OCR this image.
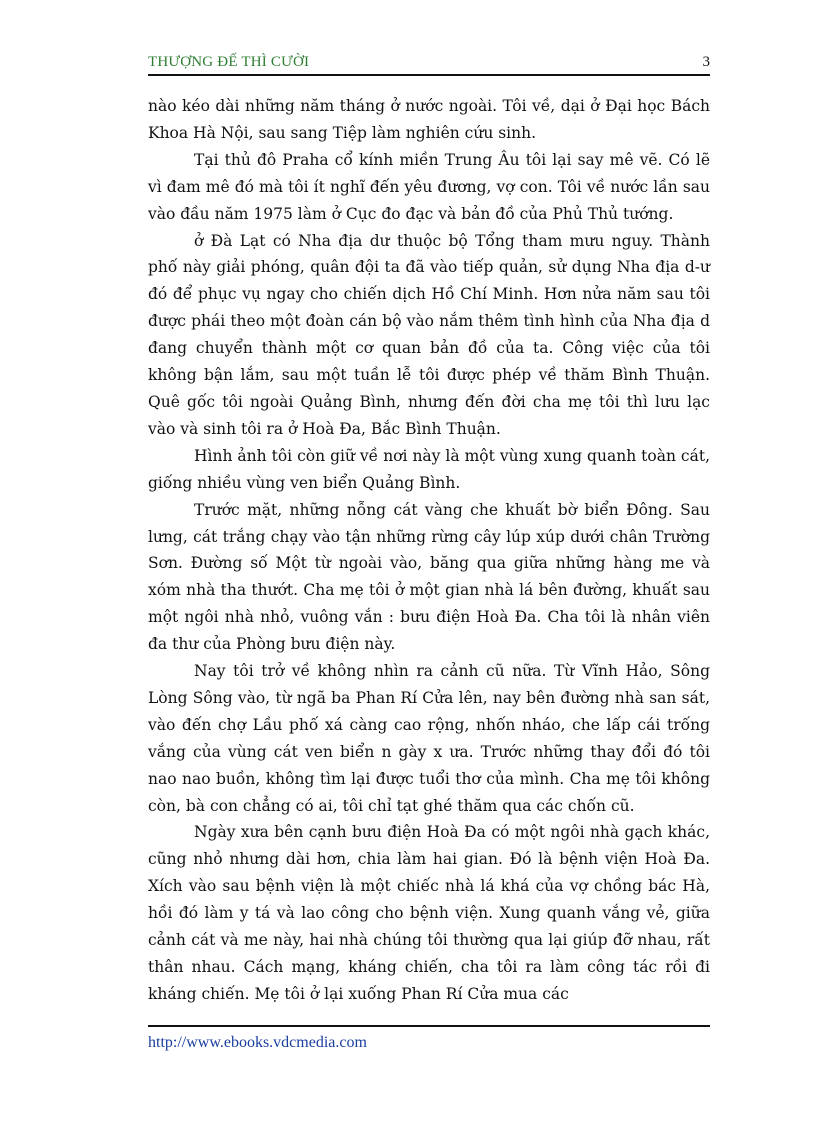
THƯỢNG ĐẾ THÌ CƯỜI	3

nào kéo dài những năm tháng ở nước ngoài. Tôi về, dại ở Đại học Bách Khoa Hà Nội, sau sang Tiệp làm nghiên cứu sinh.

Tại thủ đô Praha cổ kính miền Trung Âu tôi lại say mê vẽ. Có lẽ vì đam mê đó mà tôi ít nghĩ đến yêu đương, vợ con. Tôi về nước lần sau vào đầu năm 1975 làm ở Cục đo đạc và bản đồ của Phủ Thủ tướng.

ở Đà Lạt có Nha địa dư thuộc bộ Tổng tham mưu nguy. Thành phố này giải phóng, quân đội ta đã vào tiếp quản, sử dụng Nha địa d-ư đó để phục vụ ngay cho chiến dịch Hồ Chí Minh. Hơn nửa năm sau tôi được phái theo một đoàn cán bộ vào nắm thêm tình hình của Nha địa d đang chuyển thành một cơ quan bản đồ của ta. Công việc của tôi không bận lắm, sau một tuần lễ tôi được phép về thăm Bình Thuận. Quê gốc tôi ngoài Quảng Bình, nhưng đến đời cha mẹ tôi thì lưu lạc vào và sinh tôi ra ở Hoà Đa, Bắc Bình Thuận.

Hình ảnh tôi còn giữ về nơi này là một vùng xung quanh toàn cát, giống nhiều vùng ven biển Quảng Bình.

Trước mặt, những nỗng cát vàng che khuất bờ biển Đông. Sau lưng, cát trắng chạy vào tận những rừng cây lúp xúp dưới chân Trường Sơn. Đường số Một từ ngoài vào, băng qua giữa những hàng me và xóm nhà tha thướt. Cha mẹ tôi ở một gian nhà lá bên đường, khuất sau một ngôi nhà nhỏ, vuông vắn : bưu điện Hoà Đa. Cha tôi là nhân viên đa thư của Phòng bưu điện này.

Nay tôi trở về không nhìn ra cảnh cũ nữa. Từ Vĩnh Hảo, Sông Lòng Sông vào, từ ngã ba Phan Rí Cửa lên, nay bên đường nhà san sát, vào đến chợ Lầu phố xá càng cao rộng, nhốn nháo, che lấp cái trống vắng của vùng cát ven biển n gày x ưa. Trước những thay đổi đó tôi nao nao buồn, không tìm lại được tuổi thơ của mình. Cha mẹ tôi không còn, bà con chẳng có ai, tôi chỉ tạt ghé thăm qua các chốn cũ.

Ngày xưa bên cạnh bưu điện Hoà Đa có một ngôi nhà gạch khác, cũng nhỏ nhưng dài hơn, chia làm hai gian. Đó là bệnh viện Hoà Đa. Xích vào sau bệnh viện là một chiếc nhà lá khá của vợ chồng bác Hà, hồi đó làm y tá và lao công cho bệnh viện. Xung quanh vắng vẻ, giữa cảnh cát và me này, hai nhà chúng tôi thường qua lại giúp đỡ nhau, rất thân nhau. Cách mạng, kháng chiến, cha tôi ra làm công tác rồi đi kháng chiến. Mẹ tôi ở lại xuống Phan Rí Cửa mua các

http://www.ebooks.vdcmedia.com
